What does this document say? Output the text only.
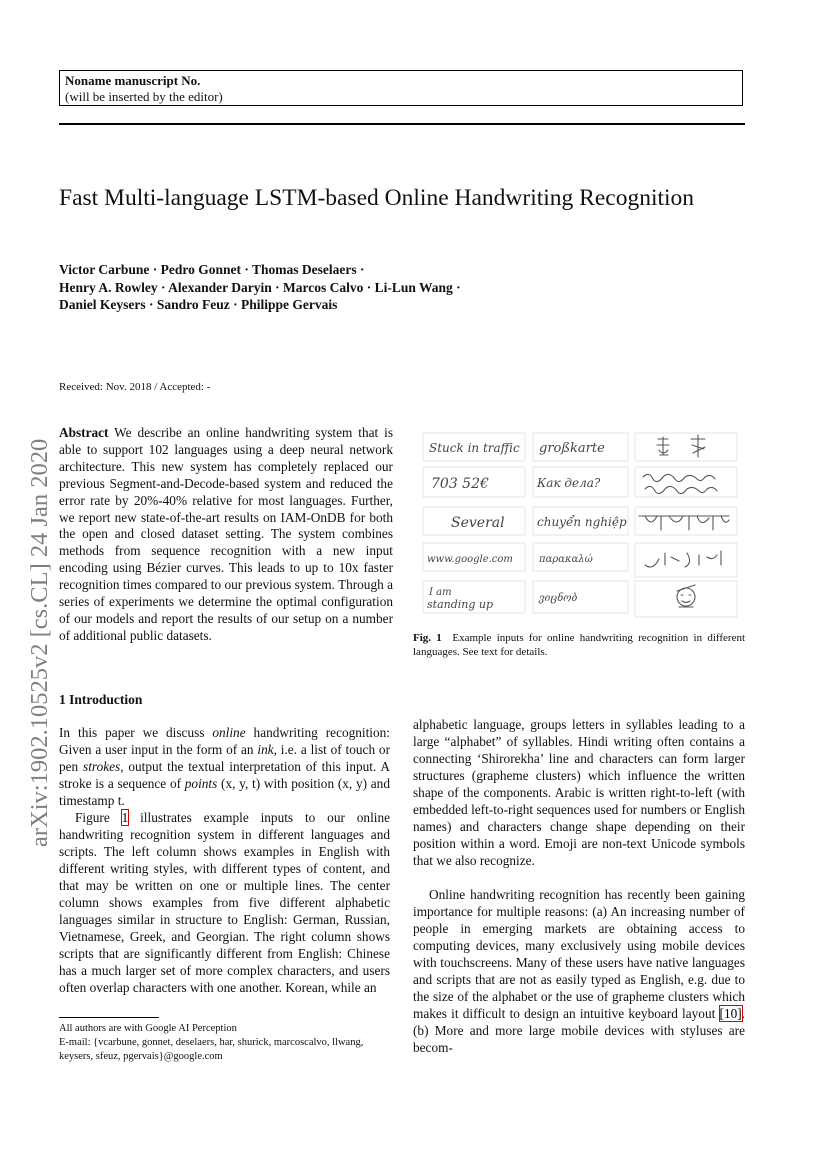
Noname manuscript No.
(will be inserted by the editor)
Fast Multi-language LSTM-based Online Handwriting Recognition
Victor Carbune · Pedro Gonnet · Thomas Deselaers ·
Henry A. Rowley · Alexander Daryin · Marcos Calvo · Li-Lun Wang ·
Daniel Keysers · Sandro Feuz · Philippe Gervais
Received: Nov. 2018 / Accepted: -
arXiv:1902.10525v2 [cs.CL] 24 Jan 2020
Abstract We describe an online handwriting system that is able to support 102 languages using a deep neural network architecture. This new system has completely replaced our previous Segment-and-Decode-based system and reduced the error rate by 20%-40% relative for most languages. Further, we report new state-of-the-art results on IAM-OnDB for both the open and closed dataset setting. The system combines methods from sequence recognition with a new input encoding using Bézier curves. This leads to up to 10x faster recognition times compared to our previous system. Through a series of experiments we determine the optimal configuration of our models and report the results of our setup on a number of additional public datasets.
Stuck in traffic
703 52€
Several
www.google.com
I am
standing up
großkarte
Как дела?
chuyển nghiệp
παρακαλώ
ვიცნობ
Fig. 1 Example inputs for online handwriting recognition in different languages. See text for details.
1 Introduction

In this paper we discuss online handwriting recognition: Given a user input in the form of an ink, i.e. a list of touch or pen strokes, output the textual interpretation of this input. A stroke is a sequence of points (x, y, t) with position (x, y) and timestamp t.

Figure 1 illustrates example inputs to our online handwriting recognition system in different languages and scripts. The left column shows examples in English with different writing styles, with different types of content, and that may be written on one or multiple lines. The center column shows examples from five different alphabetic languages similar in structure to English: German, Russian, Vietnamese, Greek, and Georgian. The right column shows scripts that are significantly different from English: Chinese has a much larger set of more complex characters, and users often overlap characters with one another. Korean, while an

alphabetic language, groups letters in syllables leading to a large “alphabet” of syllables. Hindi writing often contains a connecting ‘Shirorekha’ line and characters can form larger structures (grapheme clusters) which influence the written shape of the components. Arabic is written right-to-left (with embedded left-to-right sequences used for numbers or English names) and characters change shape depending on their position within a word. Emoji are non-text Unicode symbols that we also recognize.

Online handwriting recognition has recently been gaining importance for multiple reasons: (a) An increasing number of people in emerging markets are obtaining access to computing devices, many exclusively using mobile devices with touchscreens. Many of these users have native languages and scripts that are not as easily typed as English, e.g. due to the size of the alphabet or the use of grapheme clusters which makes it difficult to design an intuitive keyboard layout [10]. (b) More and more large mobile devices with styluses are becom-

All authors are with Google AI Perception
E-mail: {vcarbune, gonnet, deselaers, har, shurick, marcoscalvo, llwang, keysers, sfeuz, pgervais}@google.com
